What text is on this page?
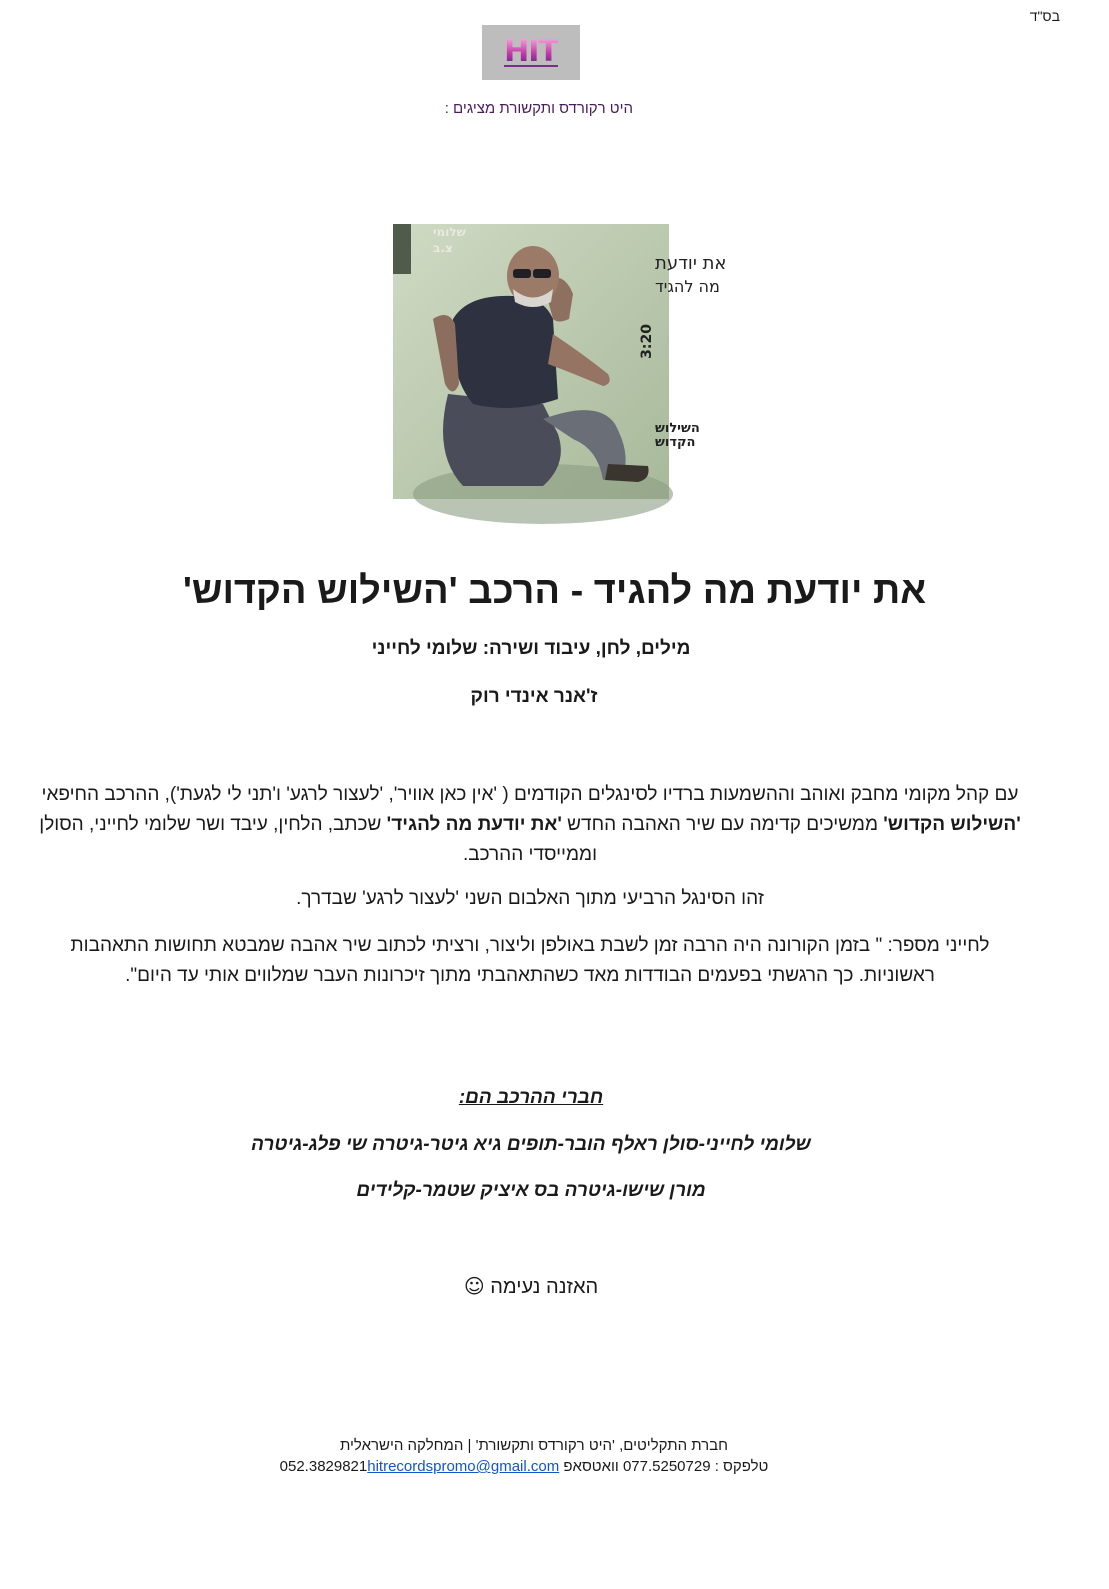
בס"ד
HIT
היט רקורדס ותקשורת מציגים :
את יודעת
מה להגיד
3:20
השילוש
הקדוש
שלומי
צ.ב
את יודעת מה להגיד - הרכב 'השילוש הקדוש'
מילים, לחן, עיבוד ושירה: שלומי לחייני
ז'אנר אינדי רוק
עם קהל מקומי מחבק ואוהב וההשמעות ברדיו לסינגלים הקודמים ( 'אין כאן אוויר', 'לעצור לרגע' ו'תני לי לגעת'), ההרכב החיפאי 'השילוש הקדוש' ממשיכים קדימה עם שיר האהבה החדש 'את יודעת מה להגיד' שכתב, הלחין, עיבד ושר שלומי לחייני, הסולן וממייסדי ההרכב.
זהו הסינגל הרביעי מתוך האלבום השני 'לעצור לרגע' שבדרך.
לחייני מספר: " בזמן הקורונה היה הרבה זמן לשבת באולפן וליצור, ורציתי לכתוב שיר אהבה שמבטא תחושות התאהבות ראשוניות. כך הרגשתי בפעמים הבודדות מאד כשהתאהבתי מתוך זיכרונות העבר שמלווים אותי עד היום".
חברי ההרכב הם:
שלומי לחייני-סולן ראלף הובר-תופים גיא גיטר-גיטרה שי פלג-גיטרה
מורן שישו-גיטרה בס איציק שטמר-קלידים
האזנה נעימה ☺
חברת התקליטים, 'היט רקורדס ותקשורת' | המחלקה הישראלית
טלפקס : 077.5250729 וואטסאפ 052.3829821hitrecordspromo@gmail.com
